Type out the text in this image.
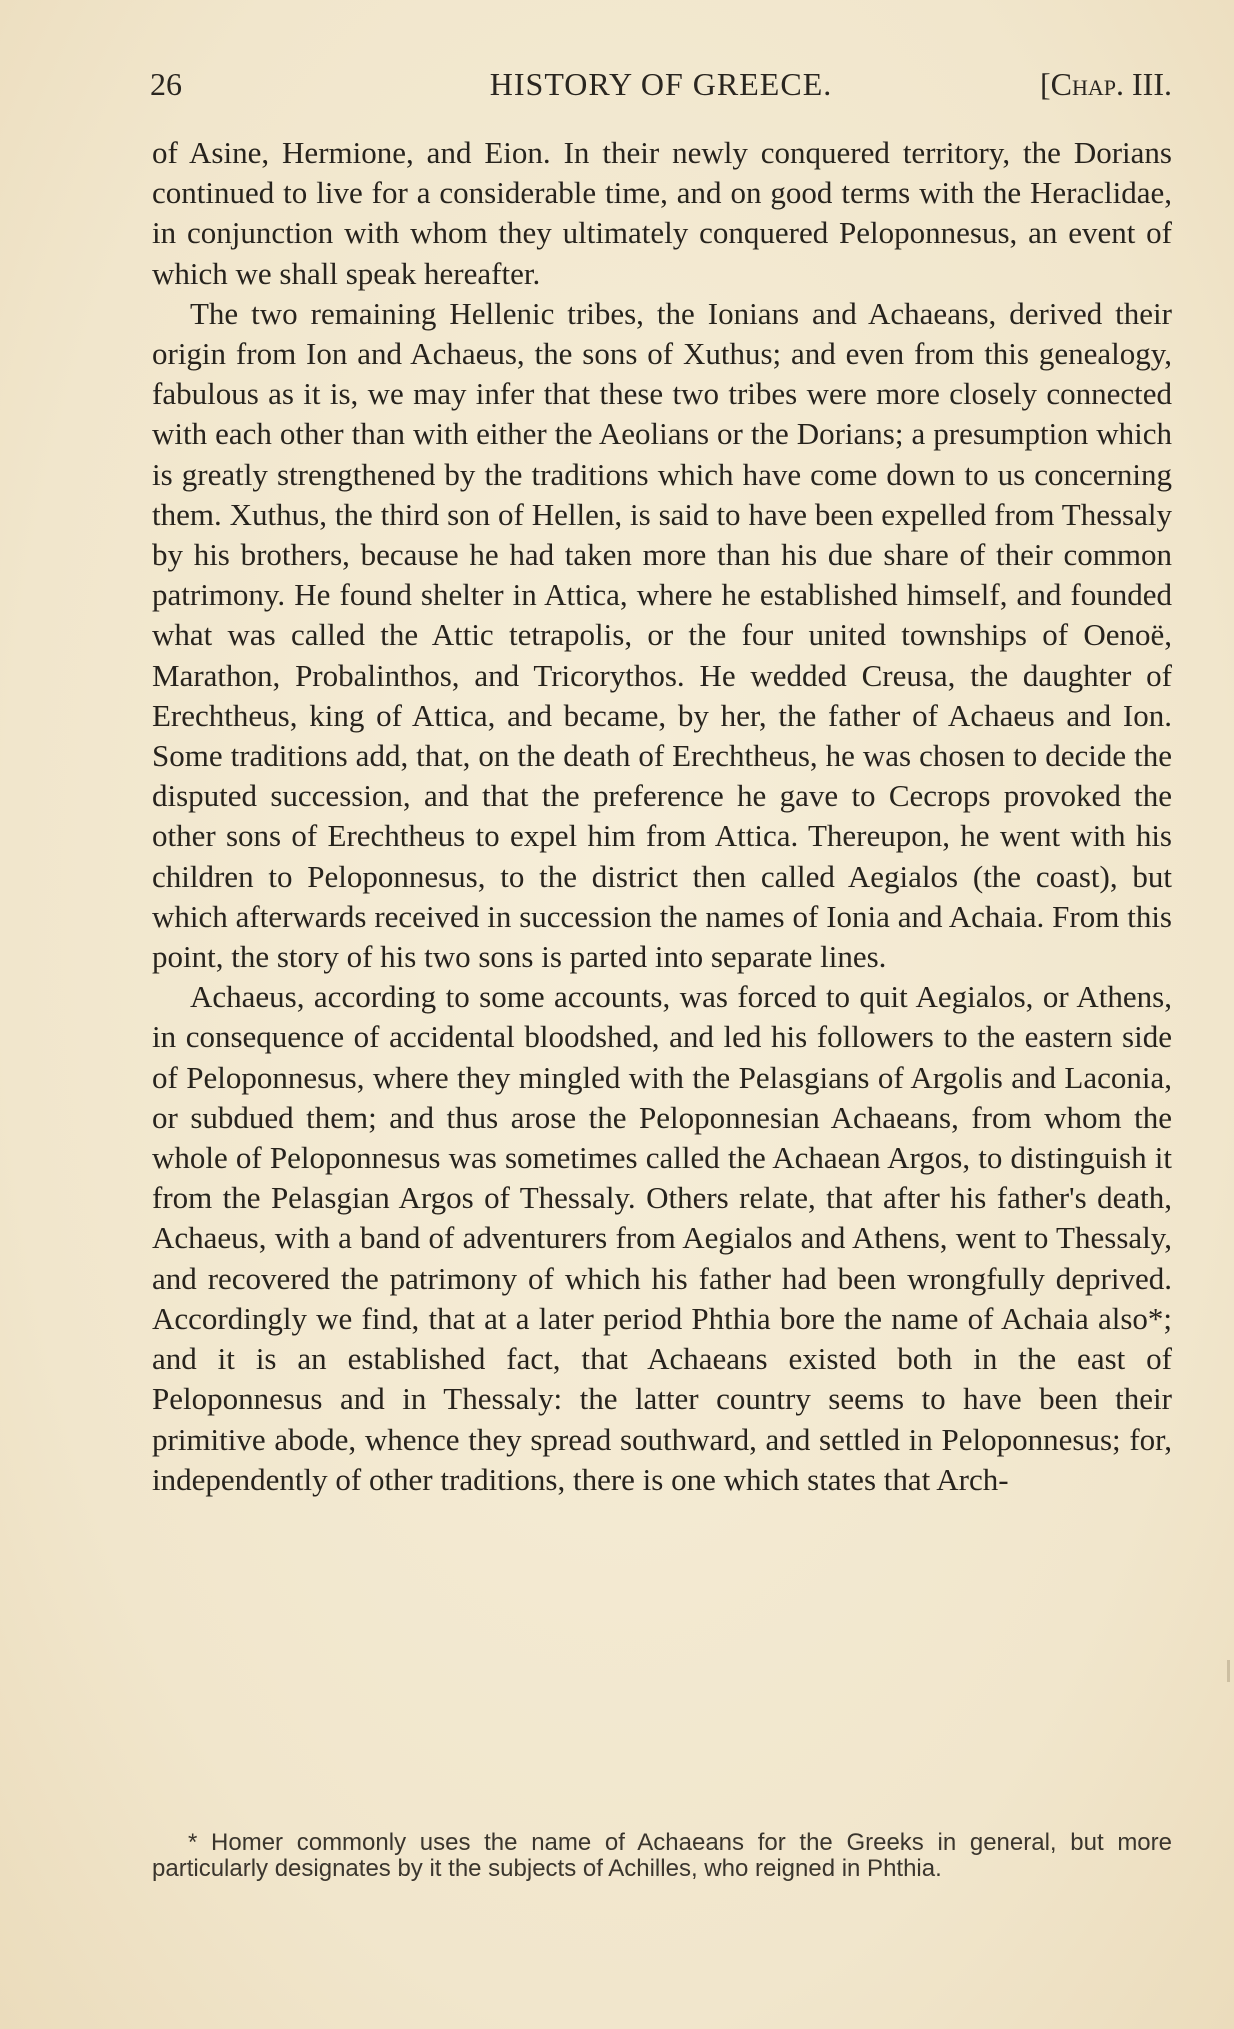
26	HISTORY OF GREECE.	[Chap. III.

of Asine, Hermione, and Eion. In their newly conquered territory, the Dorians continued to live for a considerable time, and on good terms with the Heraclidae, in conjunction with whom they ultimately conquered Peloponnesus, an event of which we shall speak hereafter.

The two remaining Hellenic tribes, the Ionians and Achaeans, derived their origin from Ion and Achaeus, the sons of Xuthus; and even from this genealogy, fabulous as it is, we may infer that these two tribes were more closely connected with each other than with either the Aeolians or the Dorians; a presumption which is greatly strengthened by the traditions which have come down to us concerning them. Xuthus, the third son of Hellen, is said to have been expelled from Thessaly by his brothers, because he had taken more than his due share of their common patrimony. He found shelter in Attica, where he established himself, and founded what was called the Attic tetrapolis, or the four united townships of Oenoë, Marathon, Probalinthos, and Tricorythos. He wedded Creusa, the daughter of Erechtheus, king of Attica, and became, by her, the father of Achaeus and Ion. Some traditions add, that, on the death of Erechtheus, he was chosen to decide the disputed succession, and that the preference he gave to Cecrops provoked the other sons of Erechtheus to expel him from Attica. Thereupon, he went with his children to Peloponnesus, to the district then called Aegialos (the coast), but which afterwards received in succession the names of Ionia and Achaia. From this point, the story of his two sons is parted into separate lines.

Achaeus, according to some accounts, was forced to quit Aegialos, or Athens, in consequence of accidental bloodshed, and led his followers to the eastern side of Peloponnesus, where they mingled with the Pelasgians of Argolis and Laconia, or subdued them; and thus arose the Peloponnesian Achaeans, from whom the whole of Peloponnesus was sometimes called the Achaean Argos, to distinguish it from the Pelasgian Argos of Thessaly. Others relate, that after his father's death, Achaeus, with a band of adventurers from Aegialos and Athens, went to Thessaly, and recovered the patrimony of which his father had been wrongfully deprived. Accordingly we find, that at a later period Phthia bore the name of Achaia also*; and it is an established fact, that Achaeans existed both in the east of Peloponnesus and in Thessaly: the latter country seems to have been their primitive abode, whence they spread southward, and settled in Peloponnesus; for, independently of other traditions, there is one which states that Arch-

* Homer commonly uses the name of Achaeans for the Greeks in general, but more particularly designates by it the subjects of Achilles, who reigned in Phthia.
